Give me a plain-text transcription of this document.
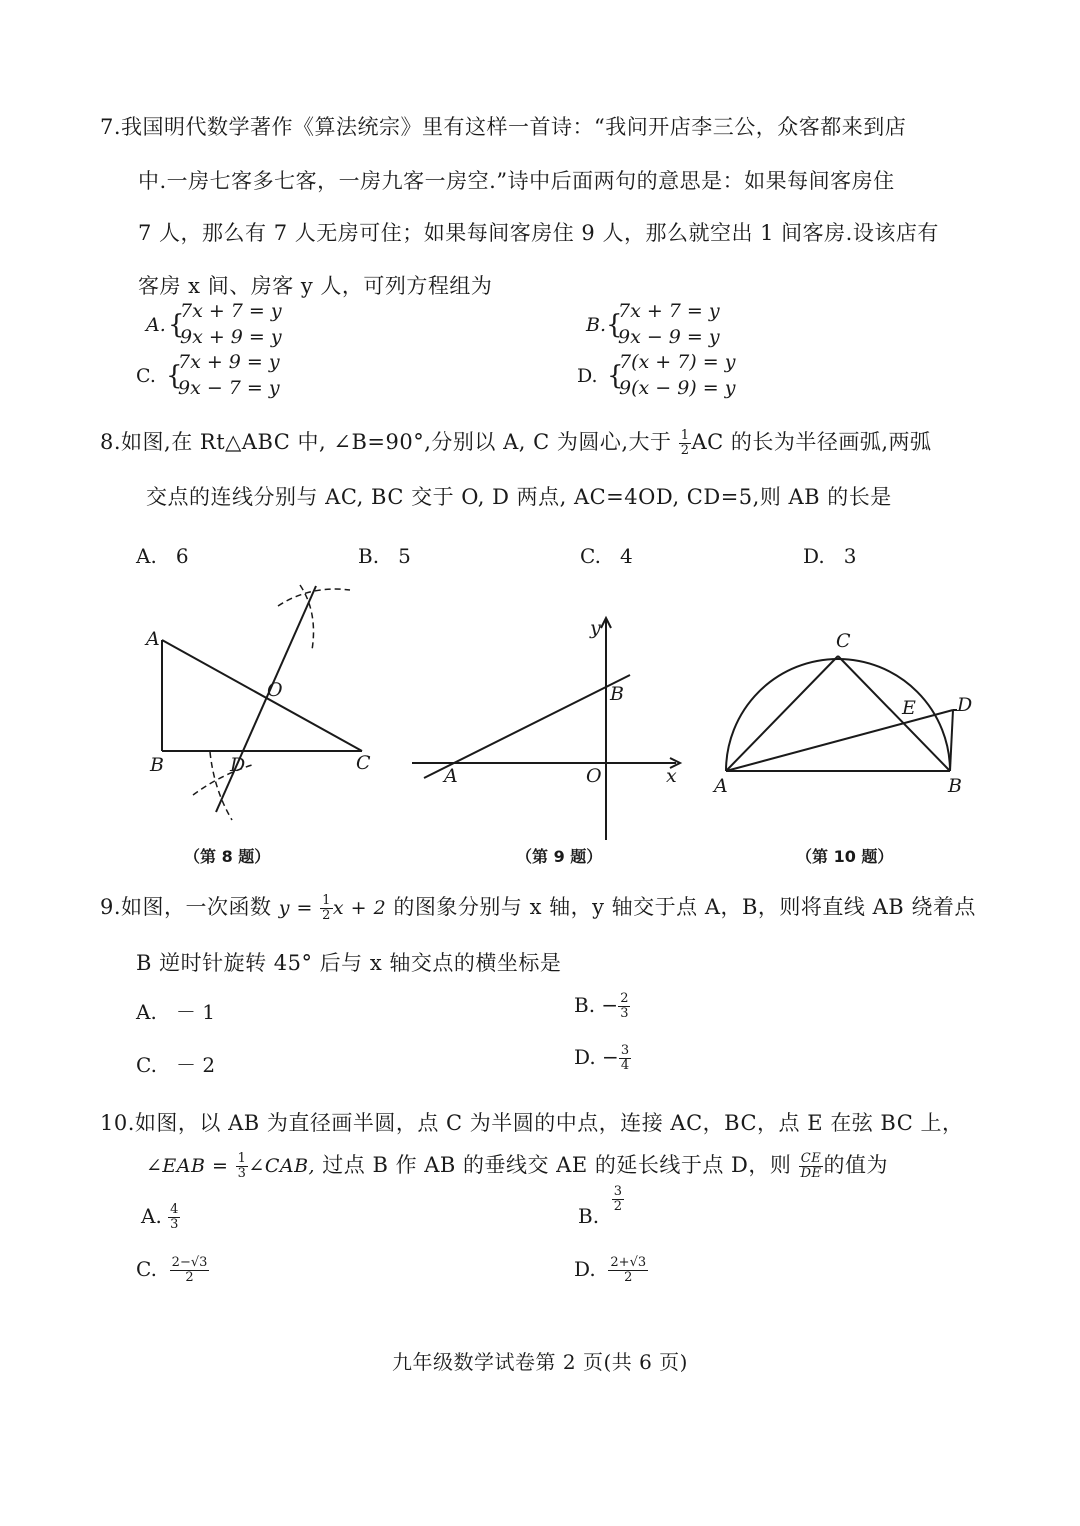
7.我国明代数学著作《算法统宗》里有这样一首诗：“我问开店李三公，众客都来到店
中.一房七客多七客，一房九客一房空.”诗中后面两句的意思是：如果每间客房住
7 人，那么有 7 人无房可住；如果每间客房住 9 人，那么就空出 1 间客房.设该店有
客房 x 间、房客 y 人，可列方程组为
A. {
7x + 7 = y
9x + 9 = y
B. {
7x + 7 = y
9x − 9 = y
C. {
7x + 9 = y
9x − 7 = y
D. {
7(x + 7) = y
9(x − 9) = y
8.如图,在 Rt△ABC 中, ∠B=90°,分别以 A, C 为圆心,大于 $\frac{1}{2}$ AC 的长为半径画弧,两弧
交点的连线分别与 AC, BC 交于 O, D 两点, AC=4OD, CD=5,则 AB 的长是
A. 6	B. 5	C. 4	D. 3
A
B	C
O
D
y
x
A	O
B
A	B
C
D
E
（第 8 题）	（第 9 题）	（第 10 题）
9.如图，一次函数 $y = \frac{1}{2}$ x + 2 的图象分别与 x 轴，y 轴交于点 A，B，则将直线 AB 绕着点
B 逆时针旋转 45° 后与 x 轴交点的横坐标是
A. － 1	B. − $\frac{2}{3}$
C. － 2	D. − $\frac{3}{4}$
10.如图，以 AB 为直径画半圆，点 C 为半圆的中点，连接 AC，BC，点 E 在弦 BC 上，
∠EAB = $\frac{1}{3}$ ∠CAB, 过点 B 作 AB 的垂线交 AE 的延长线于点 D，则 $\frac{CE}{DE}$ 的值为
A. $\frac{4}{3}$	B.
$\frac{3}{2}$
C. $\frac{2-√3}{2}$	D. $\frac{2+√3}{2}$
九年级数学试卷第 2 页(共 6 页)
